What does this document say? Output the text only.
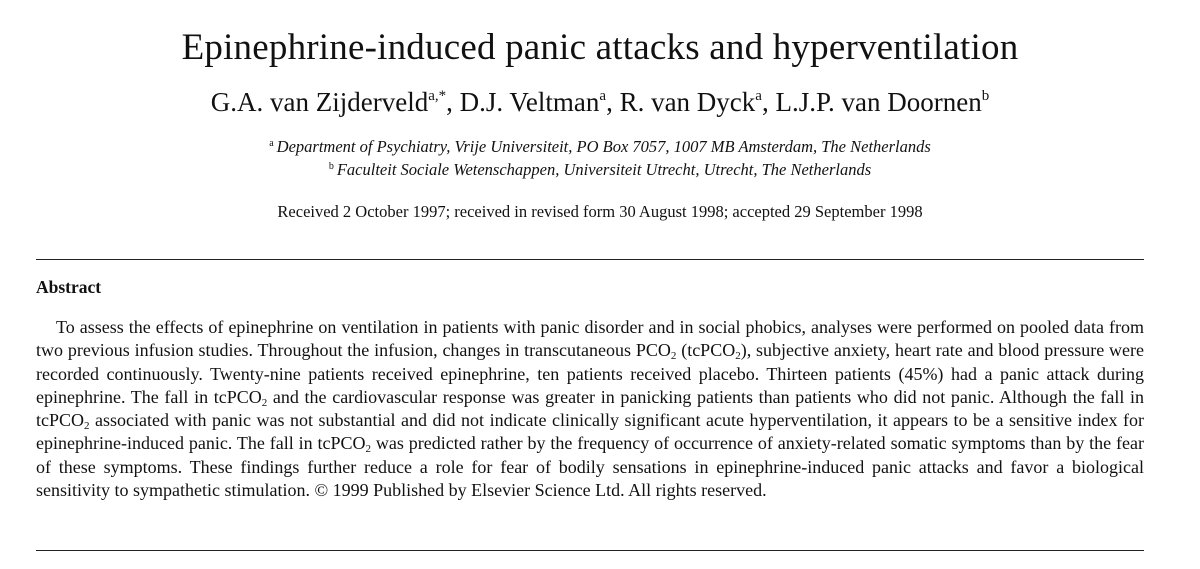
Epinephrine-induced panic attacks and hyperventilation
G.A. van Zijderveld$^{a,*}$, D.J. Veltman$^a$, R. van Dyck$^a$, L.J.P. van Doornen$^b$
$^a$ Department of Psychiatry, Vrije Universiteit, PO Box 7057, 1007 MB Amsterdam, The Netherlands
$^b$ Faculteit Sociale Wetenschappen, Universiteit Utrecht, Utrecht, The Netherlands
Received 2 October 1997; received in revised form 30 August 1998; accepted 29 September 1998
Abstract

To assess the effects of epinephrine on ventilation in patients with panic disorder and in social phobics, analyses were performed on pooled data from two previous infusion studies. Throughout the infusion, changes in transcutaneous $PCO_2$ (tcPCO$_2$), subjective anxiety, heart rate and blood pressure were recorded continuously. Twenty-nine patients received epinephrine, ten patients received placebo. Thirteen patients (45%) had a panic attack during epinephrine. The fall in tcPCO$_2$ and the cardiovascular response was greater in panicking patients than patients who did not panic. Although the fall in tcPCO$_2$ associated with panic was not substantial and did not indicate clinically significant acute hyperventilation, it appears to be a sensitive index for epinephrine-induced panic. The fall in tcPCO$_2$ was predicted rather by the frequency of occurrence of anxiety-related somatic symptoms than by the fear of these symptoms. These findings further reduce a role for fear of bodily sensations in epinephrine-induced panic attacks and favor a biological sensitivity to sympathetic stimulation. © 1999 Published by Elsevier Science Ltd. All rights reserved.
